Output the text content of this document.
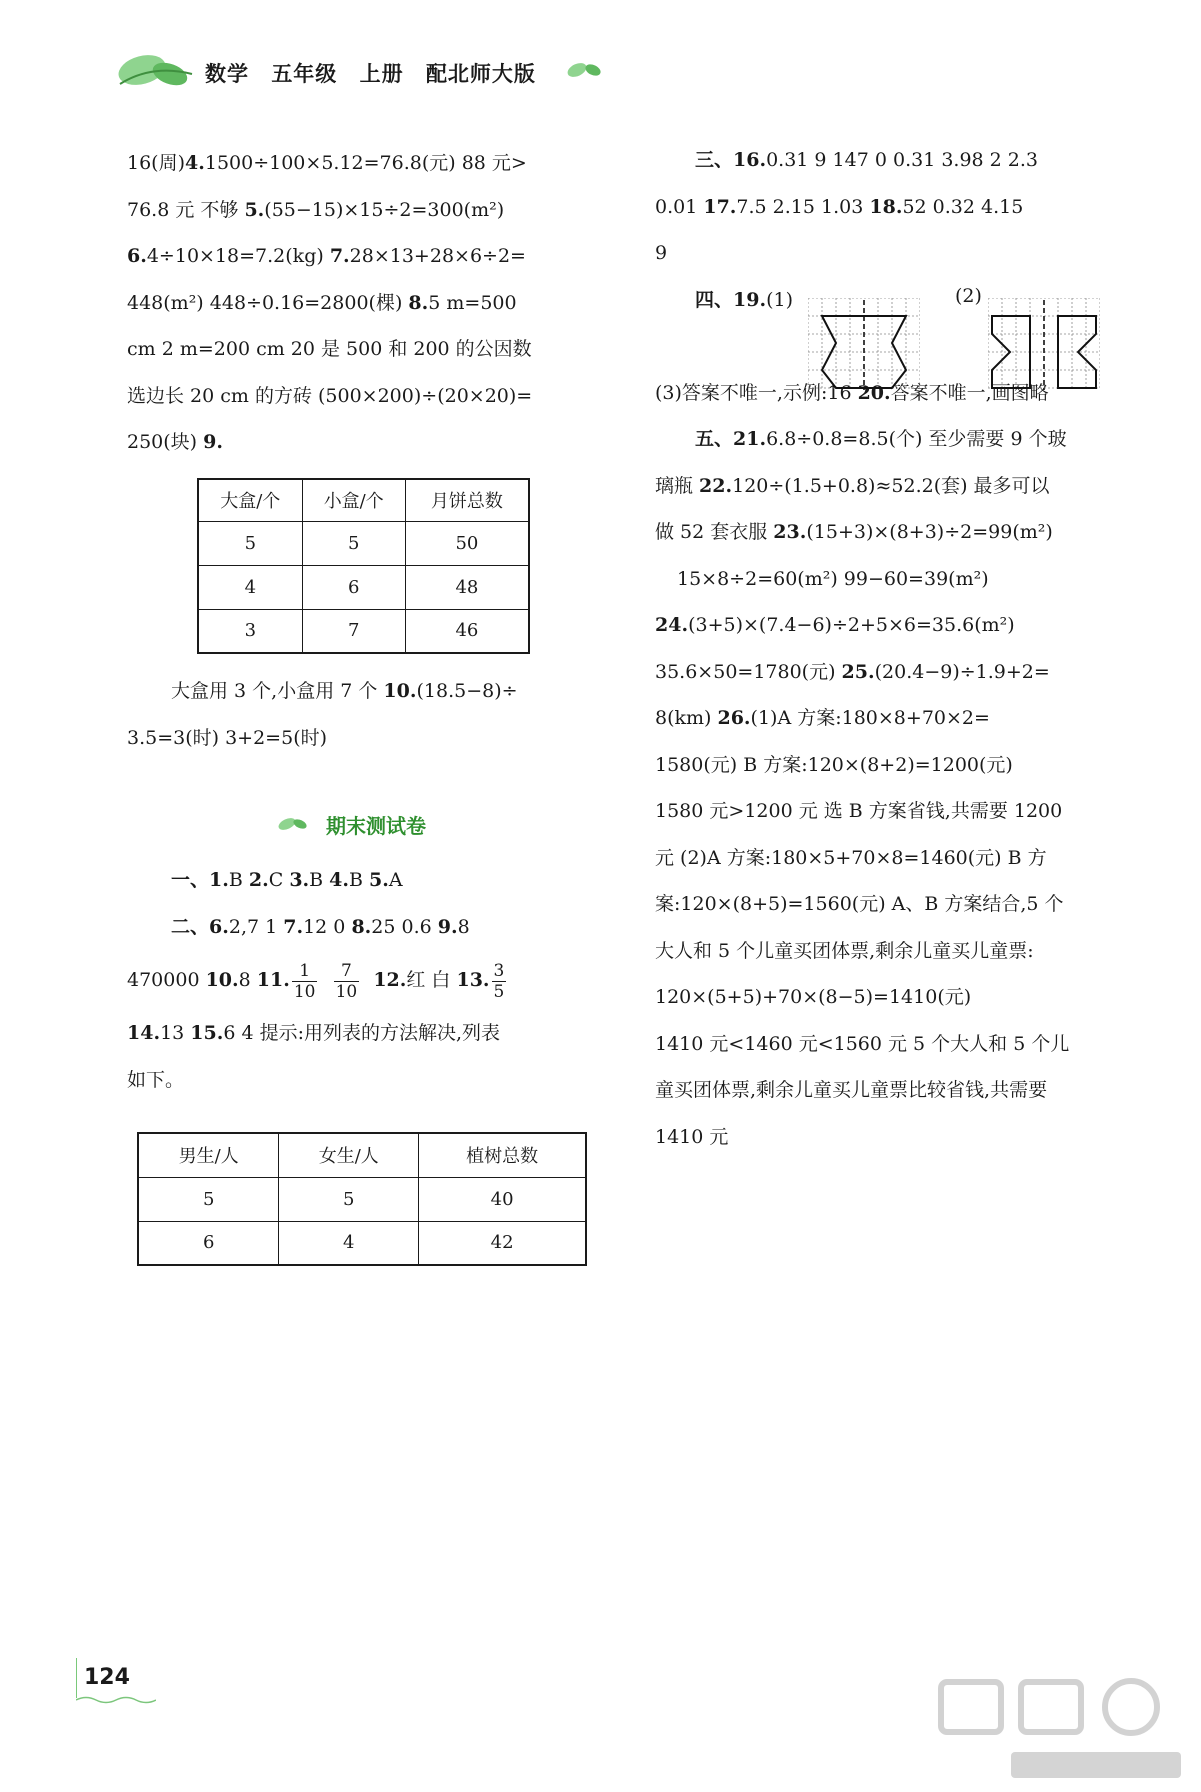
数学 五年级 上册 配北师大版
16(周)4.1500÷100×5.12=76.8(元) 88 元>
76.8 元 不够 5.(55−15)×15÷2=300(m²)
6.4÷10×18=7.2(kg) 7.28×13+28×6÷2=
448(m²) 448÷0.16=2800(棵) 8.5 m=500
cm 2 m=200 cm 20 是 500 和 200 的公因数
选边长 20 cm 的方砖 (500×200)÷(20×20)=
250(块) 9.
大盒/个	小盒/个	月饼总数
5	5	50
4	6	48
3	7	46
大盒用 3 个,小盒用 7 个 10.(18.5−8)÷
3.5=3(时) 3+2=5(时)
期末测试卷
一、1.B 2.C 3.B 4.B 5.A
二、6.2,7 1 7.12 0 8.25 0.6 9.8
470000 10.8 11. $\frac{1}{10}$
$\frac{7}{10} 12$.红 白 13. $\frac{3}{5}$
14.13 15.6 4 提示:用列表的方法解决,列表
如下。
男生/人	女生/人	植树总数
5	5	40
6	4	42
三、16.0.31 9 147 0 0.31 3.98 2 2.3
0.01 17.7.5 2.15 1.03 18.52 0.32 4.15
9
四、19.(1)	(2)
(3)答案不唯一,示例:16 20.答案不唯一,画图略
五、21.6.8÷0.8=8.5(个) 至少需要 9 个玻
璃瓶 22.120÷(1.5+0.8)≈52.2(套) 最多可以
做 52 套衣服 23.(15+3)×(8+3)÷2=99(m²)
15×8÷2=60(m²) 99−60=39(m²)
24.(3+5)×(7.4−6)÷2+5×6=35.6(m²)
35.6×50=1780(元) 25.(20.4−9)÷1.9+2=
8(km) 26.(1)A 方案:180×8+70×2=
1580(元) B 方案:120×(8+2)=1200(元)
1580 元>1200 元 选 B 方案省钱,共需要 1200
元 (2)A 方案:180×5+70×8=1460(元) B 方
案:120×(8+5)=1560(元) A、B 方案结合,5 个
大人和 5 个儿童买团体票,剩余儿童买儿童票:
120×(5+5)+70×(8−5)=1410(元)
1410 元<1460 元<1560 元 5 个大人和 5 个儿
童买团体票,剩余儿童买儿童票比较省钱,共需要
1410 元
124
